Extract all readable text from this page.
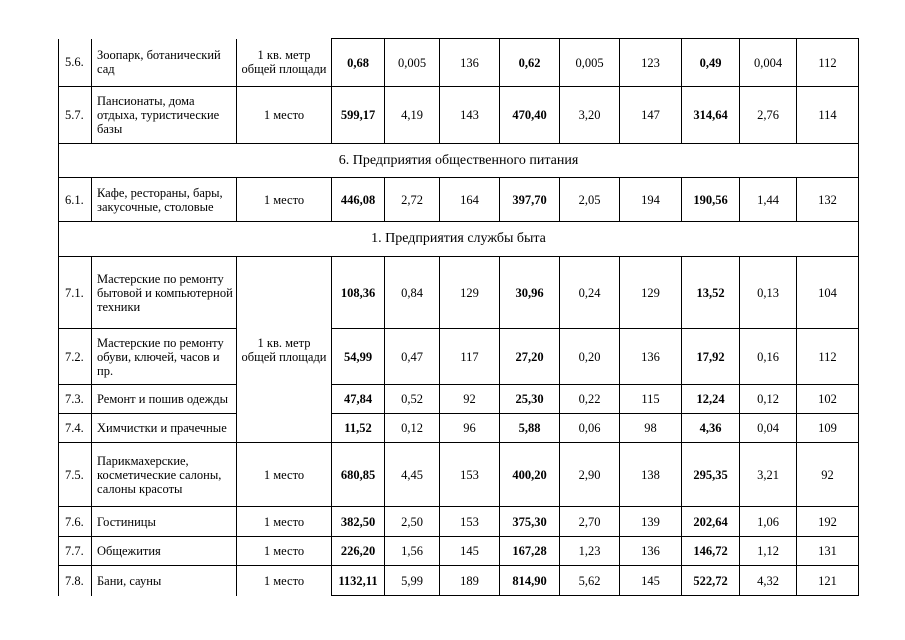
5.6.	Зоопарк, ботанический сад	1 кв. метр общей площади	0,68	0,005	136	0,62	0,005	123	0,49	0,004	112
5.7.	Пансионаты, дома отдыха, туристические базы	1 место	599,17	4,19	143	470,40	3,20	147	314,64	2,76	114
6. Предприятия общественного питания											
6.1.	Кафе, рестораны, бары, закусочные, столовые	1 место	446,08	2,72	164	397,70	2,05	194	190,56	1,44	132
1. Предприятия службы быта											
7.1.	Мастерские по ремонту бытовой и компьютерной техники	1 кв. метр общей площади	108,36	0,84	129	30,96	0,24	129	13,52	0,13	104
7.2.	Мастерские по ремонту обуви, ключей, часов и пр.		54,99	0,47	117	27,20	0,20	136	17,92	0,16	112
7.3.	Ремонт и пошив одежды		47,84	0,52	92	25,30	0,22	115	12,24	0,12	102
7.4.	Химчистки и прачечные		11,52	0,12	96	5,88	0,06	98	4,36	0,04	109
7.5.	Парикмахерские, косметические салоны, салоны красоты	1 место	680,85	4,45	153	400,20	2,90	138	295,35	3,21	92
7.6.	Гостиницы	1 место	382,50	2,50	153	375,30	2,70	139	202,64	1,06	192
7.7.	Общежития	1 место	226,20	1,56	145	167,28	1,23	136	146,72	1,12	131
7.8.	Бани, сауны	1 место	1132,11	5,99	189	814,90	5,62	145	522,72	4,32	121
